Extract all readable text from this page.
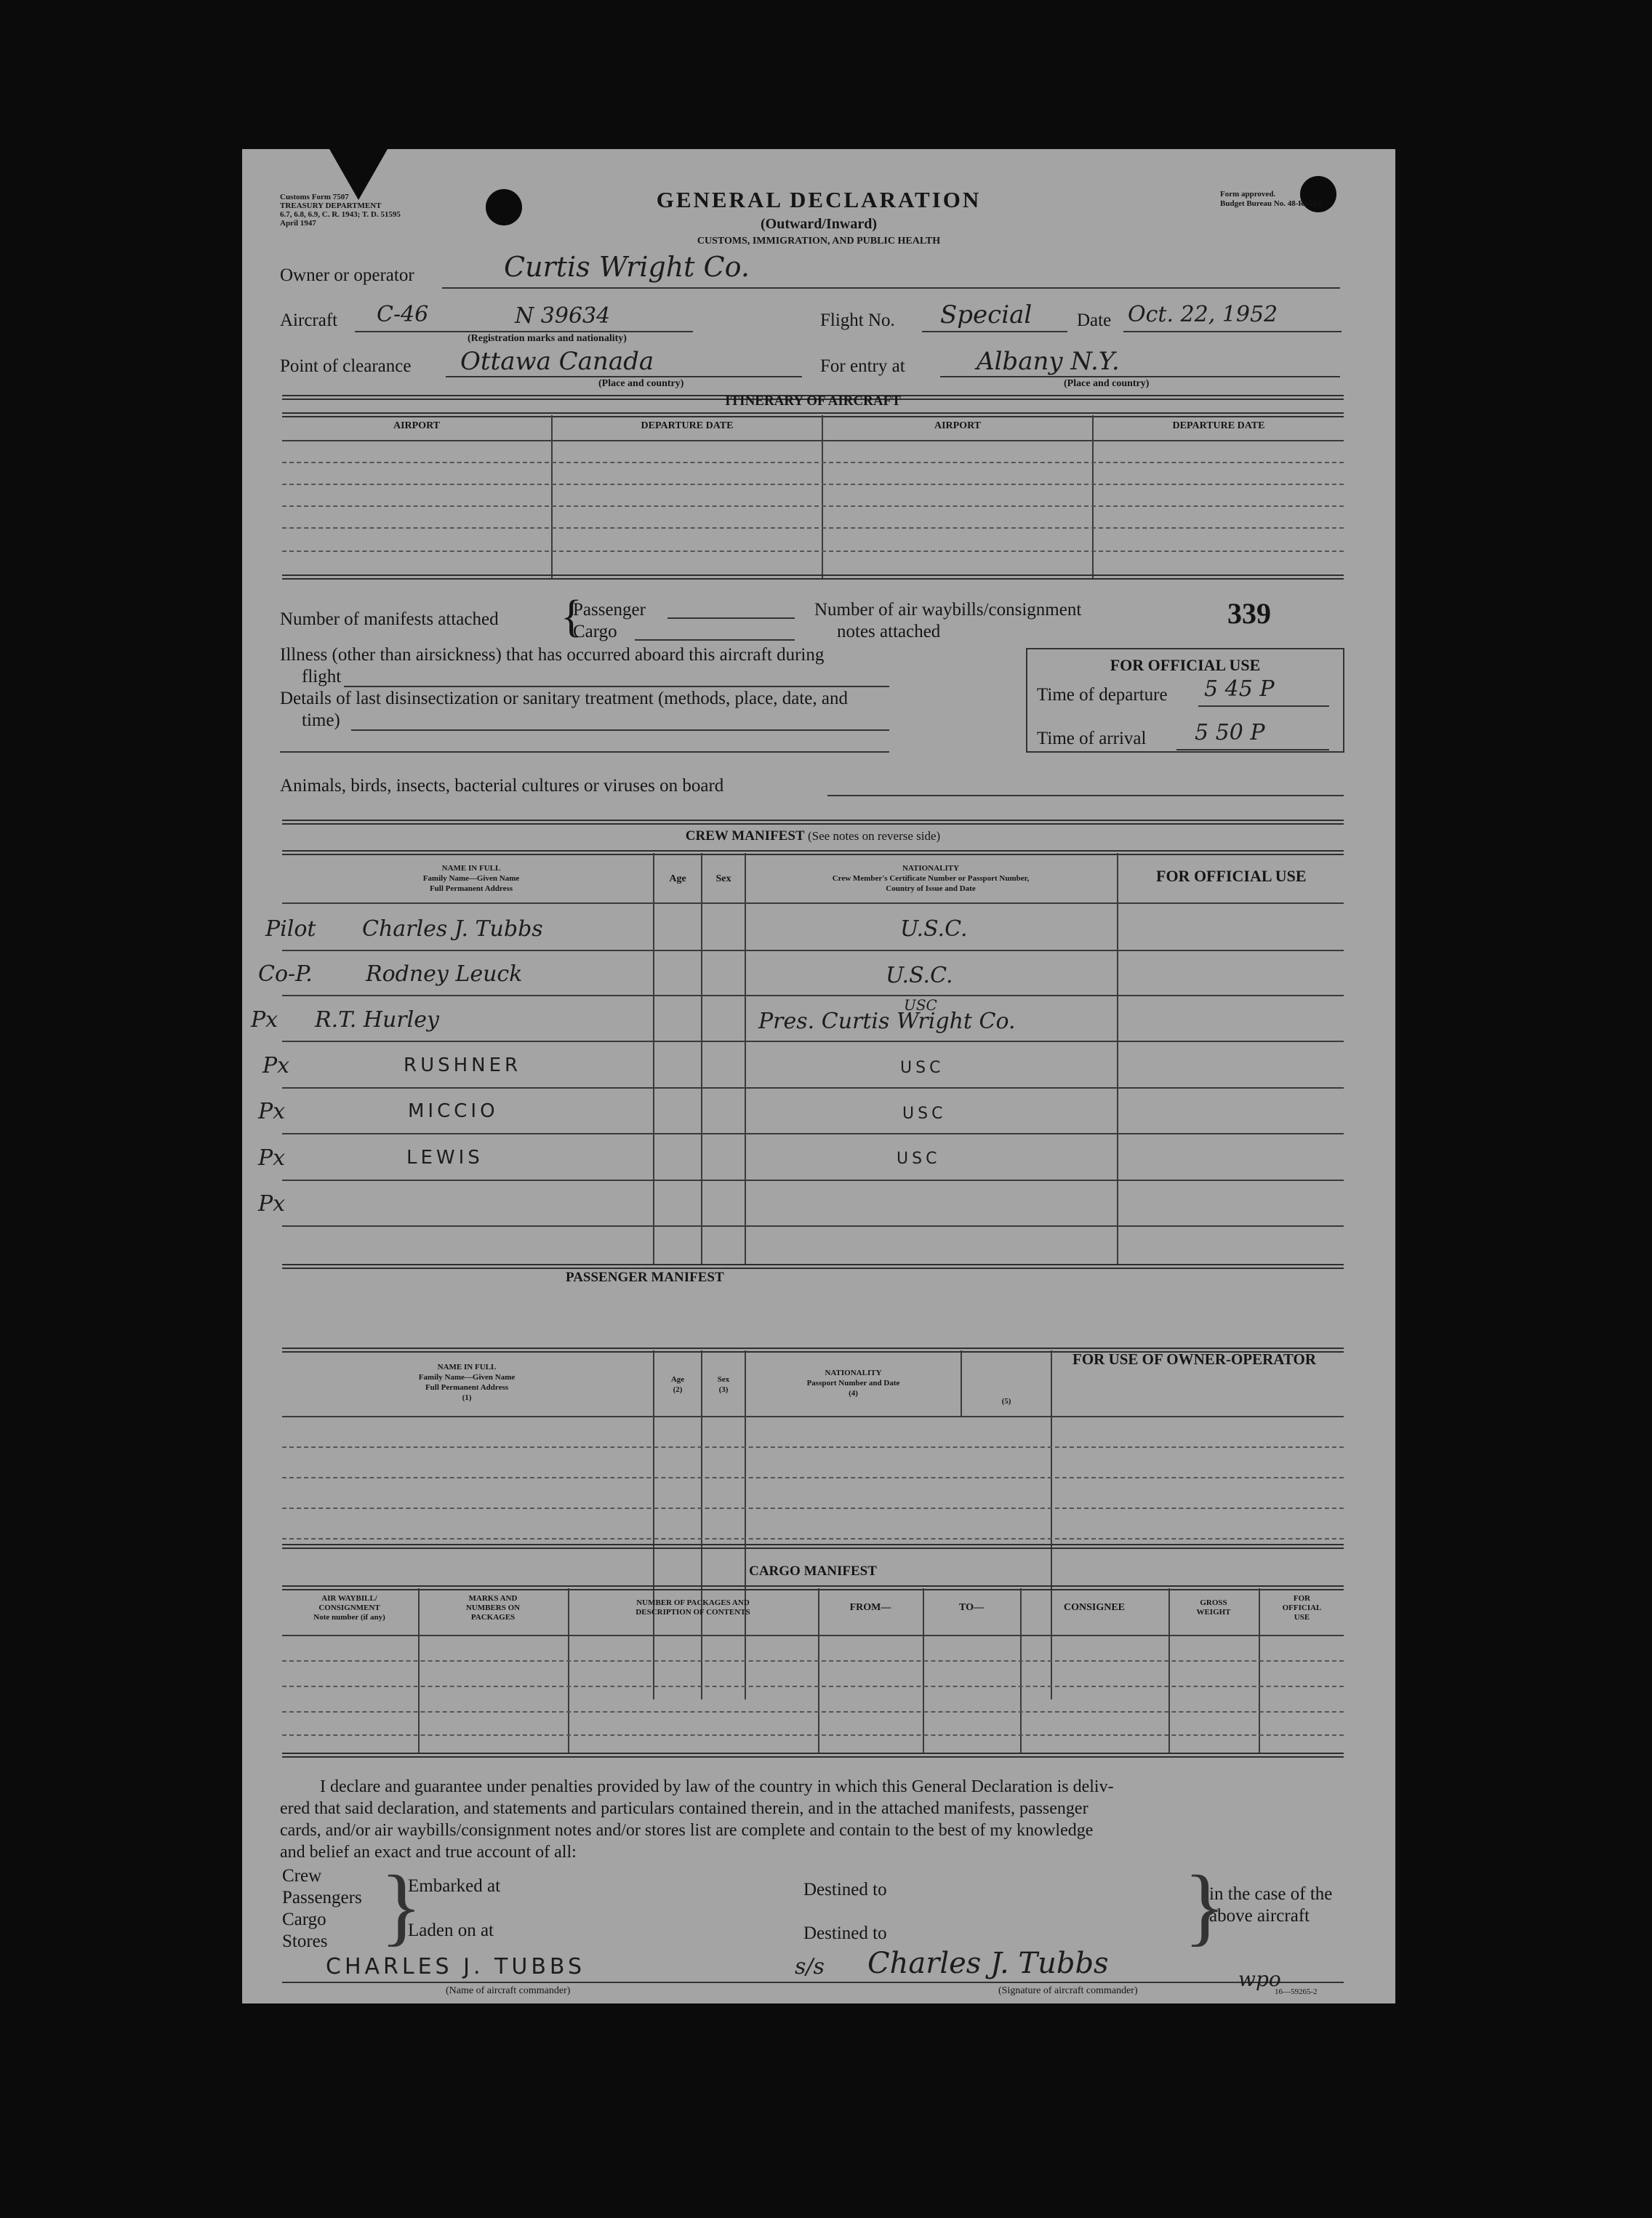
Customs Form 7507
TREASURY DEPARTMENT
6.7, 6.8, 6.9, C. R. 1943; T. D. 51595
April 1947
GENERAL DECLARATION
(Outward/Inward)
CUSTOMS, IMMIGRATION, AND PUBLIC HEALTH
Form approved.
Budget Bureau No. 48-R153.1.
Owner or operator	Curtis Wright Co.
Aircraft C-46	N 39634
(Registration marks and nationality)
Flight No. Special Date Oct. 22, 1952
Point of clearance Ottawa Canada
(Place and country)
For entry at	Albany N.Y.
(Place and country)
ITINERARY OF AIRCRAFT
AIRPORT	DEPARTURE DATE	AIRPORT	DEPARTURE DATE
Number of manifests attached {
Passenger
Cargo
Number of air waybills/consignment
notes attached
339
Illness (other than airsickness) that has occurred aboard this aircraft during
flight
Details of last disinsectization or sanitary treatment (methods, place, date, and
time)
Animals, birds, insects, bacterial cultures or viruses on board
FOR OFFICIAL USE
Time of departure 5 45 P
Time of arrival 5 50 P
CREW MANIFEST (See notes on reverse side)
NAME IN FULL
Family Name—Given Name
Full Permanent Address
Age	Sex
NATIONALITY
Crew Member's Certificate Number or Passport Number,
Country of Issue and Date
FOR OFFICIAL USE
Pilot Charles J. Tubbs	U.S.C.
Co-P. Rodney Leuck	U.S.C.
Px R.T. Hurley	Pres. Curtis Wright Co.
USC
Px	RUSHNER	USC
Px	MICCIO	USC
Px	LEWIS	USC
Px
PASSENGER MANIFEST
FOR USE OF OWNER-OPERATOR
NAME IN FULL
Family Name—Given Name
Full Permanent Address
(1)
Age
(2)
Sex
(3)
NATIONALITY
Passport Number and Date
(4)
(5)
CARGO MANIFEST
AIR WAYBILL/
CONSIGNMENT
Note number (if any)
MARKS AND
NUMBERS ON
PACKAGES
NUMBER OF PACKAGES AND
DESCRIPTION OF CONTENTS	FROM—	TO—	CONSIGNEE	GROSS
WEIGHT
FOR
OFFICIAL
USE
I declare and guarantee under penalties provided by law of the country in which this General Declaration is deliv-
ered that said declaration, and statements and particulars contained therein, and in the attached manifests, passenger
cards, and/or air waybills/consignment notes and/or stores list are complete and contain to the best of my knowledge
and belief an exact and true account of all:
Crew
Passengers
Cargo
Stores }
Embarked at
Laden on at
Destined to
Destined to	}
in the case of the
above aircraft
CHARLES J. TUBBS
(Name of aircraft commander)
s/s Charles J. Tubbs
(Signature of aircraft commander)	wpo
16—59265-2
